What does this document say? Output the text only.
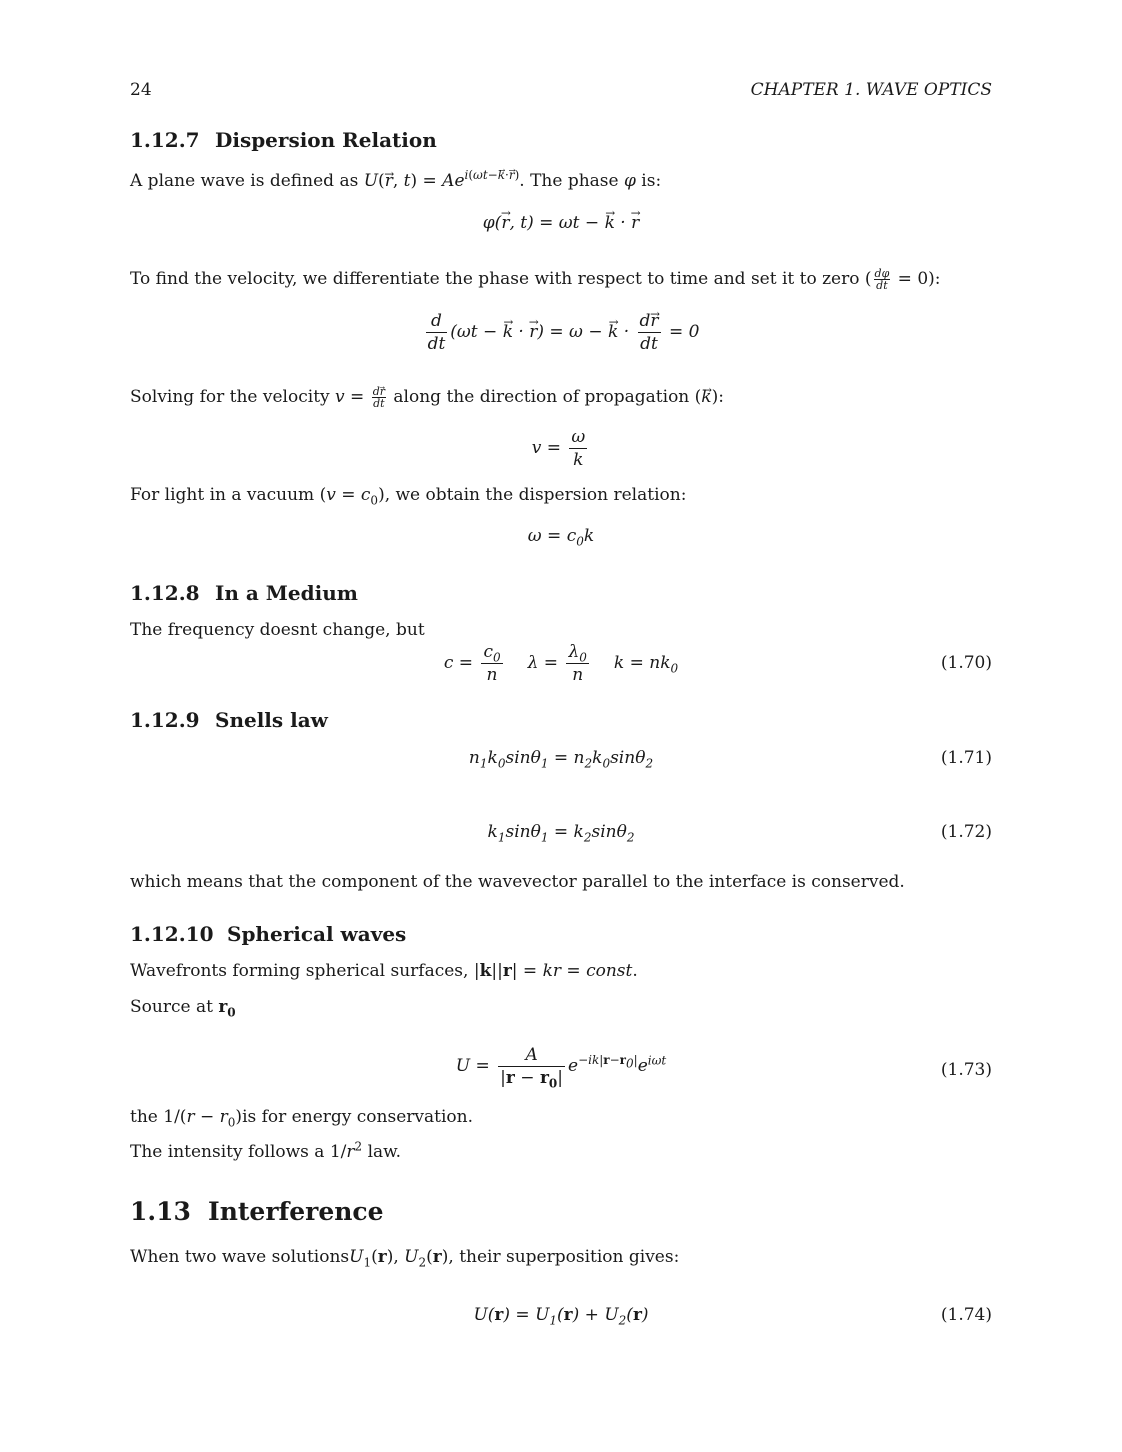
24	CHAPTER 1. WAVE OPTICS
1.12.7 Dispersion Relation
A plane wave is defined as U(r →, $t) = Ae^{i(\omega t-k\cdot r)}$. The phase φ is:
φ(r →, t) = ωt − k → · r →
To find the velocity, we differentiate the phase with respect to time and set it to zero ( $\frac{d\varphi}{dt} = 0$):
$\frac{d}{dt} (\omega t - k$ → · r →) = ω − k → · $\frac{dr \to}{dt} = 0$
Solving for the velocity $v = \frac{dr}{dt}$ along the direction of propagation (k →):
$v = \frac{\omega}{k}$
For light in a vacuum $(v = c_0)$, we obtain the dispersion relation:
$\omega = c_0k$
1.12.8 In a Medium
The frequency doesnt change, but
$c = \frac{c_0}{n}$ $\lambda = \frac{\lambda_0}{n}$ $k = nk_0$	(1.70)
1.12.9 Snells law
$n_1k_0\sin\theta_1 = n_2k_0\sin\theta_2$	(1.71)
$k_1\sin\theta_1 = k_2\sin\theta_2$	(1.72)
which means that the component of the wavevector parallel to the interface is conserved.
1.12.10 Spherical waves
Wavefronts forming spherical surfaces, |k||r| = kr = const.
Source at $r_0$
$U = \frac{A}{|r - r_0|} e^{-ik|r-r_0|}e^{i\omega t}$	(1.73)
the $1/(r - r_0)is$ for energy conservation.
The intensity follows a $1/r^2$ law.
1.13 Interference
When two wave solutionsU$_1$(r), $U_2(r)$, their superposition gives:
$U(r) = U_1(r) + U_2(r)$	(1.74)
